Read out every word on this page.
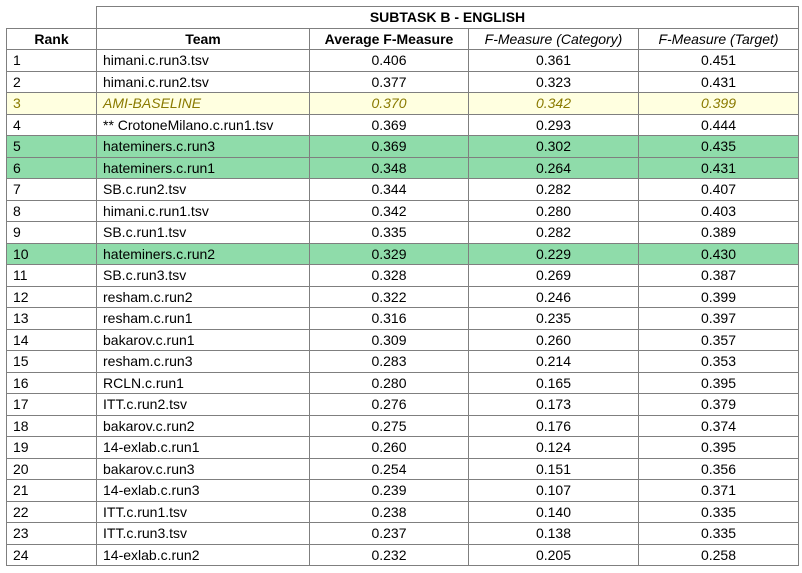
	SUBTASK B - ENGLISH			
Rank	Team	Average F-Measure	F-Measure (Category)	F-Measure (Target)
1	himani.c.run3.tsv	0.406	0.361	0.451
2	himani.c.run2.tsv	0.377	0.323	0.431
3	AMI-BASELINE	0.370	0.342	0.399
4	** CrotoneMilano.c.run1.tsv	0.369	0.293	0.444
5	hateminers.c.run3	0.369	0.302	0.435
6	hateminers.c.run1	0.348	0.264	0.431
7	SB.c.run2.tsv	0.344	0.282	0.407
8	himani.c.run1.tsv	0.342	0.280	0.403
9	SB.c.run1.tsv	0.335	0.282	0.389
10	hateminers.c.run2	0.329	0.229	0.430
11	SB.c.run3.tsv	0.328	0.269	0.387
12	resham.c.run2	0.322	0.246	0.399
13	resham.c.run1	0.316	0.235	0.397
14	bakarov.c.run1	0.309	0.260	0.357
15	resham.c.run3	0.283	0.214	0.353
16	RCLN.c.run1	0.280	0.165	0.395
17	ITT.c.run2.tsv	0.276	0.173	0.379
18	bakarov.c.run2	0.275	0.176	0.374
19	14-exlab.c.run1	0.260	0.124	0.395
20	bakarov.c.run3	0.254	0.151	0.356
21	14-exlab.c.run3	0.239	0.107	0.371
22	ITT.c.run1.tsv	0.238	0.140	0.335
23	ITT.c.run3.tsv	0.237	0.138	0.335
24	14-exlab.c.run2	0.232	0.205	0.258
